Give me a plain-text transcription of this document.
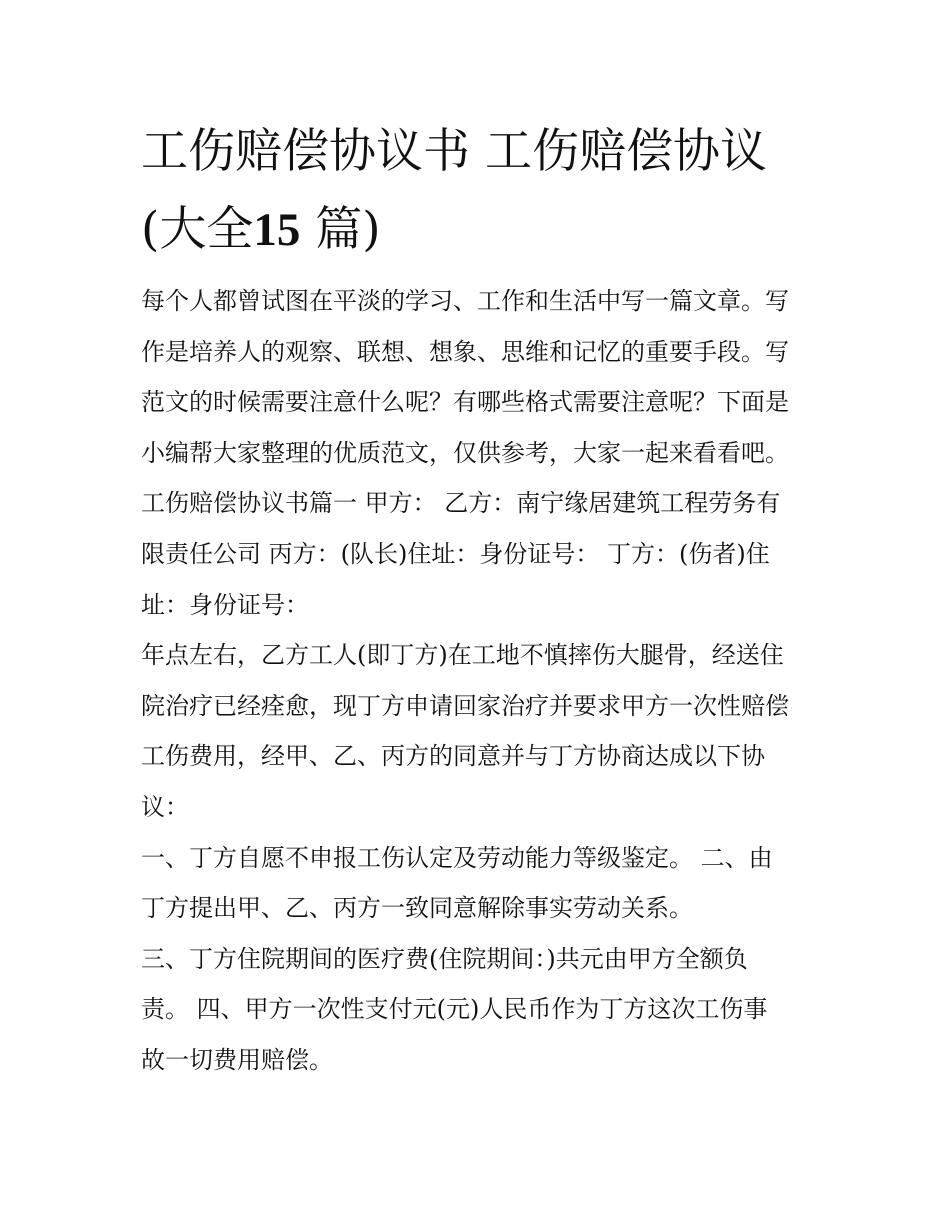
工伤赔偿协议书 工伤赔偿协议
(大全15 篇)
每个人都曾试图在平淡的学习、工作和生活中写一篇文章。写
作是培养人的观察、联想、想象、思维和记忆的重要手段。写
范文的时候需要注意什么呢？有哪些格式需要注意呢？下面是
小编帮大家整理的优质范文，仅供参考，大家一起来看看吧。
工伤赔偿协议书篇一 甲方： 乙方：南宁缘居建筑工程劳务有
限责任公司 丙方：(队长)住址：身份证号： 丁方：(伤者)住
址：身份证号：
年点左右，乙方工人(即丁方)在工地不慎摔伤大腿骨，经送住
院治疗已经痊愈，现丁方申请回家治疗并要求甲方一次性赔偿
工伤费用，经甲、乙、丙方的同意并与丁方协商达成以下协
议：
一、丁方自愿不申报工伤认定及劳动能力等级鉴定。 二、由
丁方提出甲、乙、丙方一致同意解除事实劳动关系。
三、丁方住院期间的医疗费(住院期间：)共元由甲方全额负
责。 四、甲方一次性支付元(元)人民币作为丁方这次工伤事
故一切费用赔偿。
